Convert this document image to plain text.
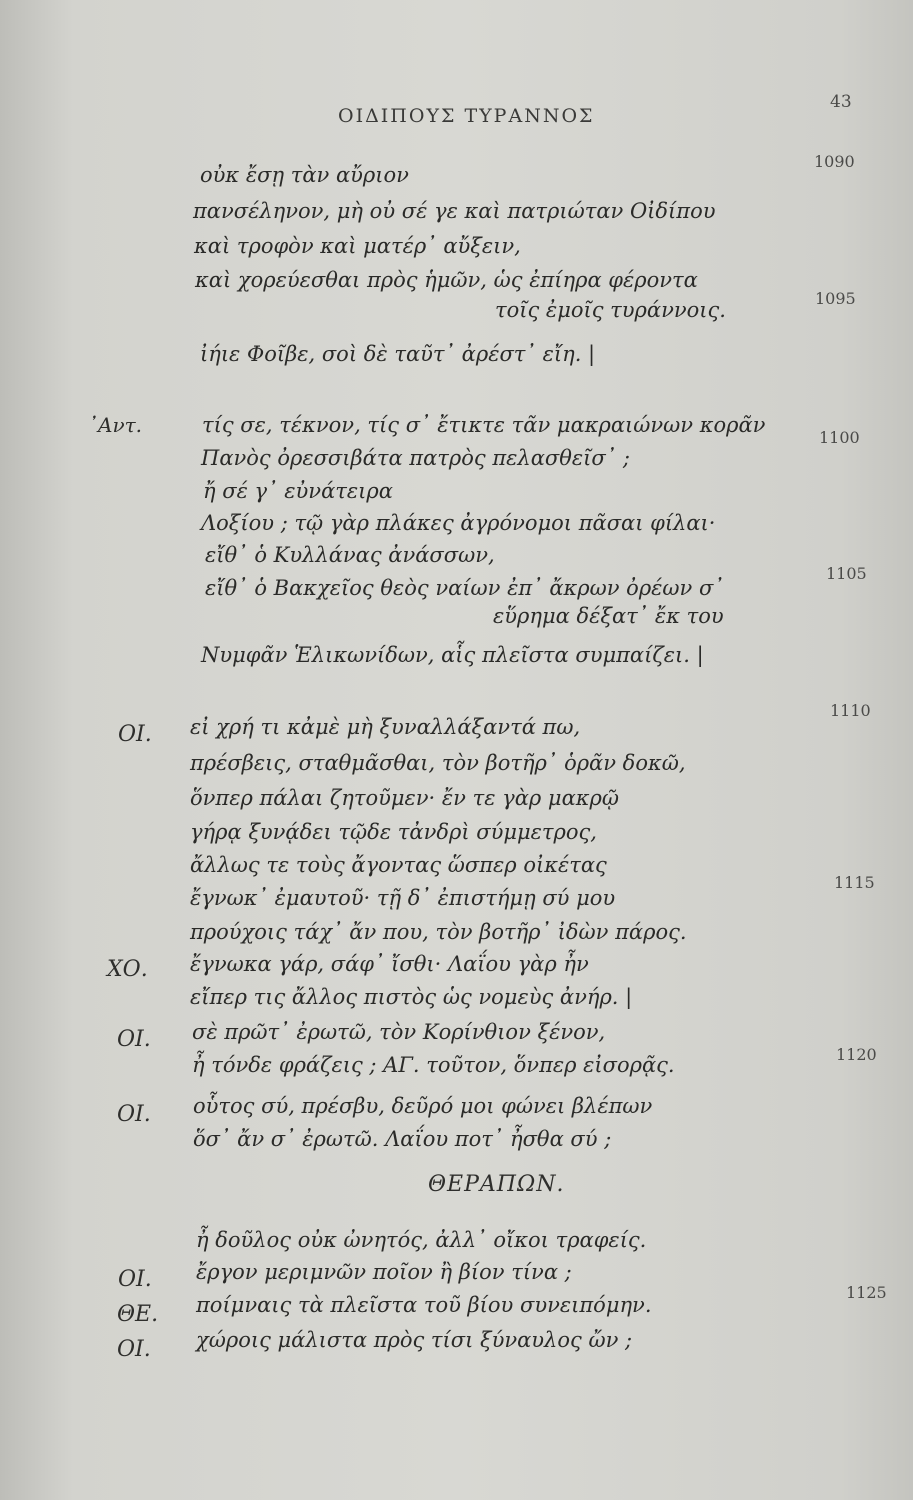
ΟΙΔΙΠΟΥΣ ΤΥΡΑΝΝΟΣ
43
1090
1095
1100
1105
1110
1115
1120
1125
οὐκ ἔσῃ τὰν αὔριον
πανσέληνον, μὴ οὐ σέ γε καὶ πατριώταν Οἰδίπου
καὶ τροφὸν καὶ ματέρ᾽ αὔξειν,
καὶ χορεύεσθαι πρὸς ἡμῶν, ὡς ἐπίηρα φέροντα
τοῖς ἐμοῖς τυράννοις.
ἰήιε Φοῖβε, σοὶ δὲ ταῦτ᾽ ἀρέστ᾽ εἴη. |
᾽Αντ.	τίς σε, τέκνον, τίς σ᾽ ἔτικτε τᾶν μακραιώνων κορᾶν
Πανὸς ὀρεσσιβάτα πατρὸς πελασθεῖσ᾽ ;
ἤ σέ γ᾽ εὐνάτειρα
Λοξίου ; τῷ γὰρ πλάκες ἀγρόνομοι πᾶσαι φίλαι·
εἴθ᾽ ὁ Κυλλάνας ἀνάσσων,
εἴθ᾽ ὁ Βακχεῖος θεὸς ναίων ἐπ᾽ ἄκρων ὀρέων σ᾽
εὕρημα δέξατ᾽ ἔκ του
Νυμφᾶν Ἑλικωνίδων, αἷς πλεῖστα συμπαίζει. |
ΟΙ. εἰ χρή τι κἀμὲ μὴ ξυναλλάξαντά πω,
πρέσβεις, σταθμᾶσθαι, τὸν βοτῆρ᾽ ὁρᾶν δοκῶ,
ὅνπερ πάλαι ζητοῦμεν· ἔν τε γὰρ μακρῷ
γήρᾳ ξυνᾴδει τῷδε τἀνδρὶ σύμμετρος,
ἄλλως τε τοὺς ἄγοντας ὥσπερ οἰκέτας
ἔγνωκ᾽ ἐμαυτοῦ· τῇ δ᾽ ἐπιστήμῃ σύ μου
προύχοις τάχ᾽ ἄν που, τὸν βοτῆρ᾽ ἰδὼν πάρος.
ΧΟ. ἔγνωκα γάρ, σάφ᾽ ἴσθι· Λαΐου γὰρ ἦν
εἴπερ τις ἄλλος πιστὸς ὡς νομεὺς ἀνήρ. |
ΟΙ. σὲ πρῶτ᾽ ἐρωτῶ, τὸν Κορίνθιον ξένον,
ἦ τόνδε φράζεις ; ΑΓ. τοῦτον, ὅνπερ εἰσορᾷς.
ΟΙ. οὗτος σύ, πρέσβυ, δεῦρό μοι φώνει βλέπων
ὅσ᾽ ἄν σ᾽ ἐρωτῶ. Λαΐου ποτ᾽ ἦσθα σύ ;
ΘΕΡΑΠΩΝ.
ἦ δοῦλος οὐκ ὠνητός, ἀλλ᾽ οἴκοι τραφείς.
ΟΙ. ἔργον μεριμνῶν ποῖον ἢ βίον τίνα ;
ΘΕ. ποίμναις τὰ πλεῖστα τοῦ βίου συνειπόμην.
ΟΙ. χώροις μάλιστα πρὸς τίσι ξύναυλος ὤν ;
